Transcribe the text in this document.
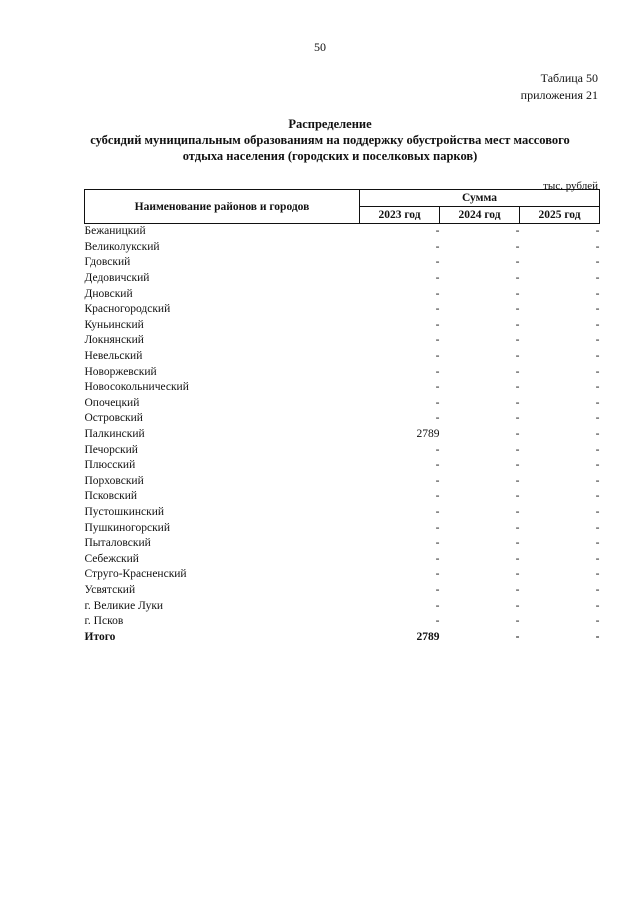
50
Таблица 50
приложения 21
Распределение
субсидий муниципальным образованиям на поддержку обустройства мест массового
отдыха населения (городских и поселковых парков)
тыс. рублей
Наименование районов и городов	Сумма		
	2023 год	2024 год	2025 год
Бежаницкий	-	-	-
Великолукский	-	-	-
Гдовский	-	-	-
Дедовичский	-	-	-
Дновский	-	-	-
Красногородский	-	-	-
Куньинский	-	-	-
Локнянский	-	-	-
Невельский	-	-	-
Новоржевский	-	-	-
Новосокольнический	-	-	-
Опочецкий	-	-	-
Островский	-	-	-
Палкинский	2789	-	-
Печорский	-	-	-
Плюсский	-	-	-
Порховский	-	-	-
Псковский	-	-	-
Пустошкинский	-	-	-
Пушкиногорский	-	-	-
Пыталовский	-	-	-
Себежский	-	-	-
Струго-Красненский	-	-	-
Усвятский	-	-	-
г. Великие Луки	-	-	-
г. Псков	-	-	-
Итого	2789	-	-
